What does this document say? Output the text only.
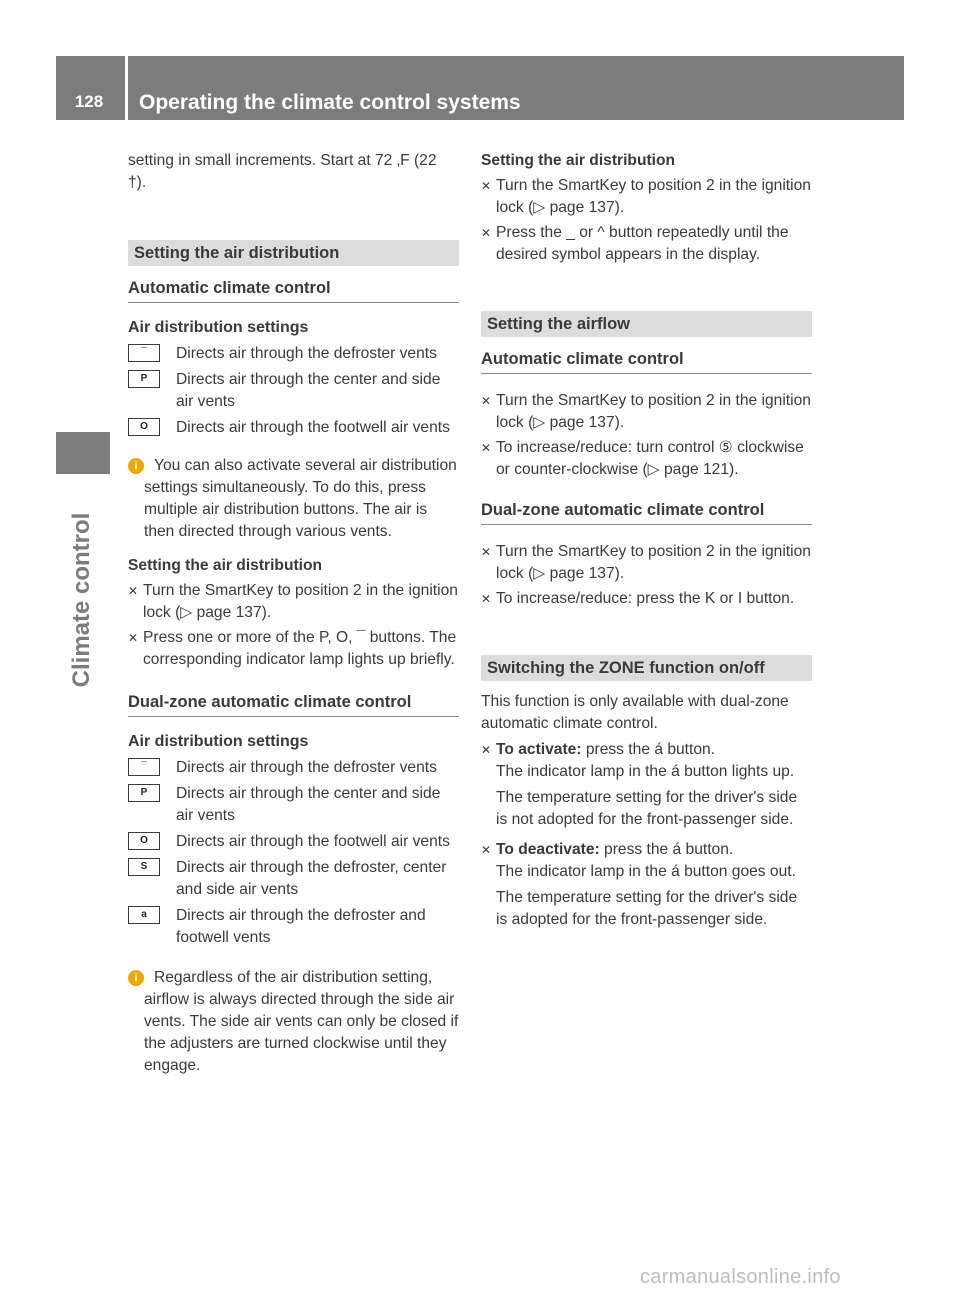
128	Operating the climate control systems
Climate control

setting in small increments. Start at 72 ‚F (22 †).

Setting the air distribution
Automatic climate control

Air distribution settings

¯	Directs air through the defroster vents
P	Directs air through the center and side air vents
O	Directs air through the footwell air vents
i	You can also activate several air distribution settings simultaneously. To do this, press multiple air distribution buttons. The air is then directed through various vents.

Setting the air distribution

✕ Turn the SmartKey to position 2 in the ignition lock (▷ page 137).
✕ Press one or more of the P, O, ¯ buttons. The corresponding indicator lamp lights up briefly.
Dual-zone automatic climate control

Air distribution settings

¯	Directs air through the defroster vents
P	Directs air through the center and side air vents
O	Directs air through the footwell air vents
S	Directs air through the defroster, center and side air vents
a	Directs air through the defroster and footwell vents
i	Regardless of the air distribution setting, airflow is always directed through the side air vents. The side air vents can only be closed if the adjusters are turned clockwise until they engage.

Setting the air distribution

✕ Turn the SmartKey to position 2 in the ignition lock (▷ page 137).
✕ Press the _ or ^ button repeatedly until the desired symbol appears in the display.
Setting the airflow
Automatic climate control
✕ Turn the SmartKey to position 2 in the ignition lock (▷ page 137).
✕ To increase/reduce: turn control ⑤ clockwise or counter-clockwise (▷ page 121).
Dual-zone automatic climate control
✕ Turn the SmartKey to position 2 in the ignition lock (▷ page 137).
✕ To increase/reduce: press the K or I button.
Switching the ZONE function on/off

This function is only available with dual-zone automatic climate control.

✕ To activate: press the á button.

The indicator lamp in the á button lights up.

The temperature setting for the driver's side is not adopted for the front-passenger side.

✕ To deactivate: press the á button.

The indicator lamp in the á button goes out.

The temperature setting for the driver's side is adopted for the front-passenger side.

carmanualsonline.info
